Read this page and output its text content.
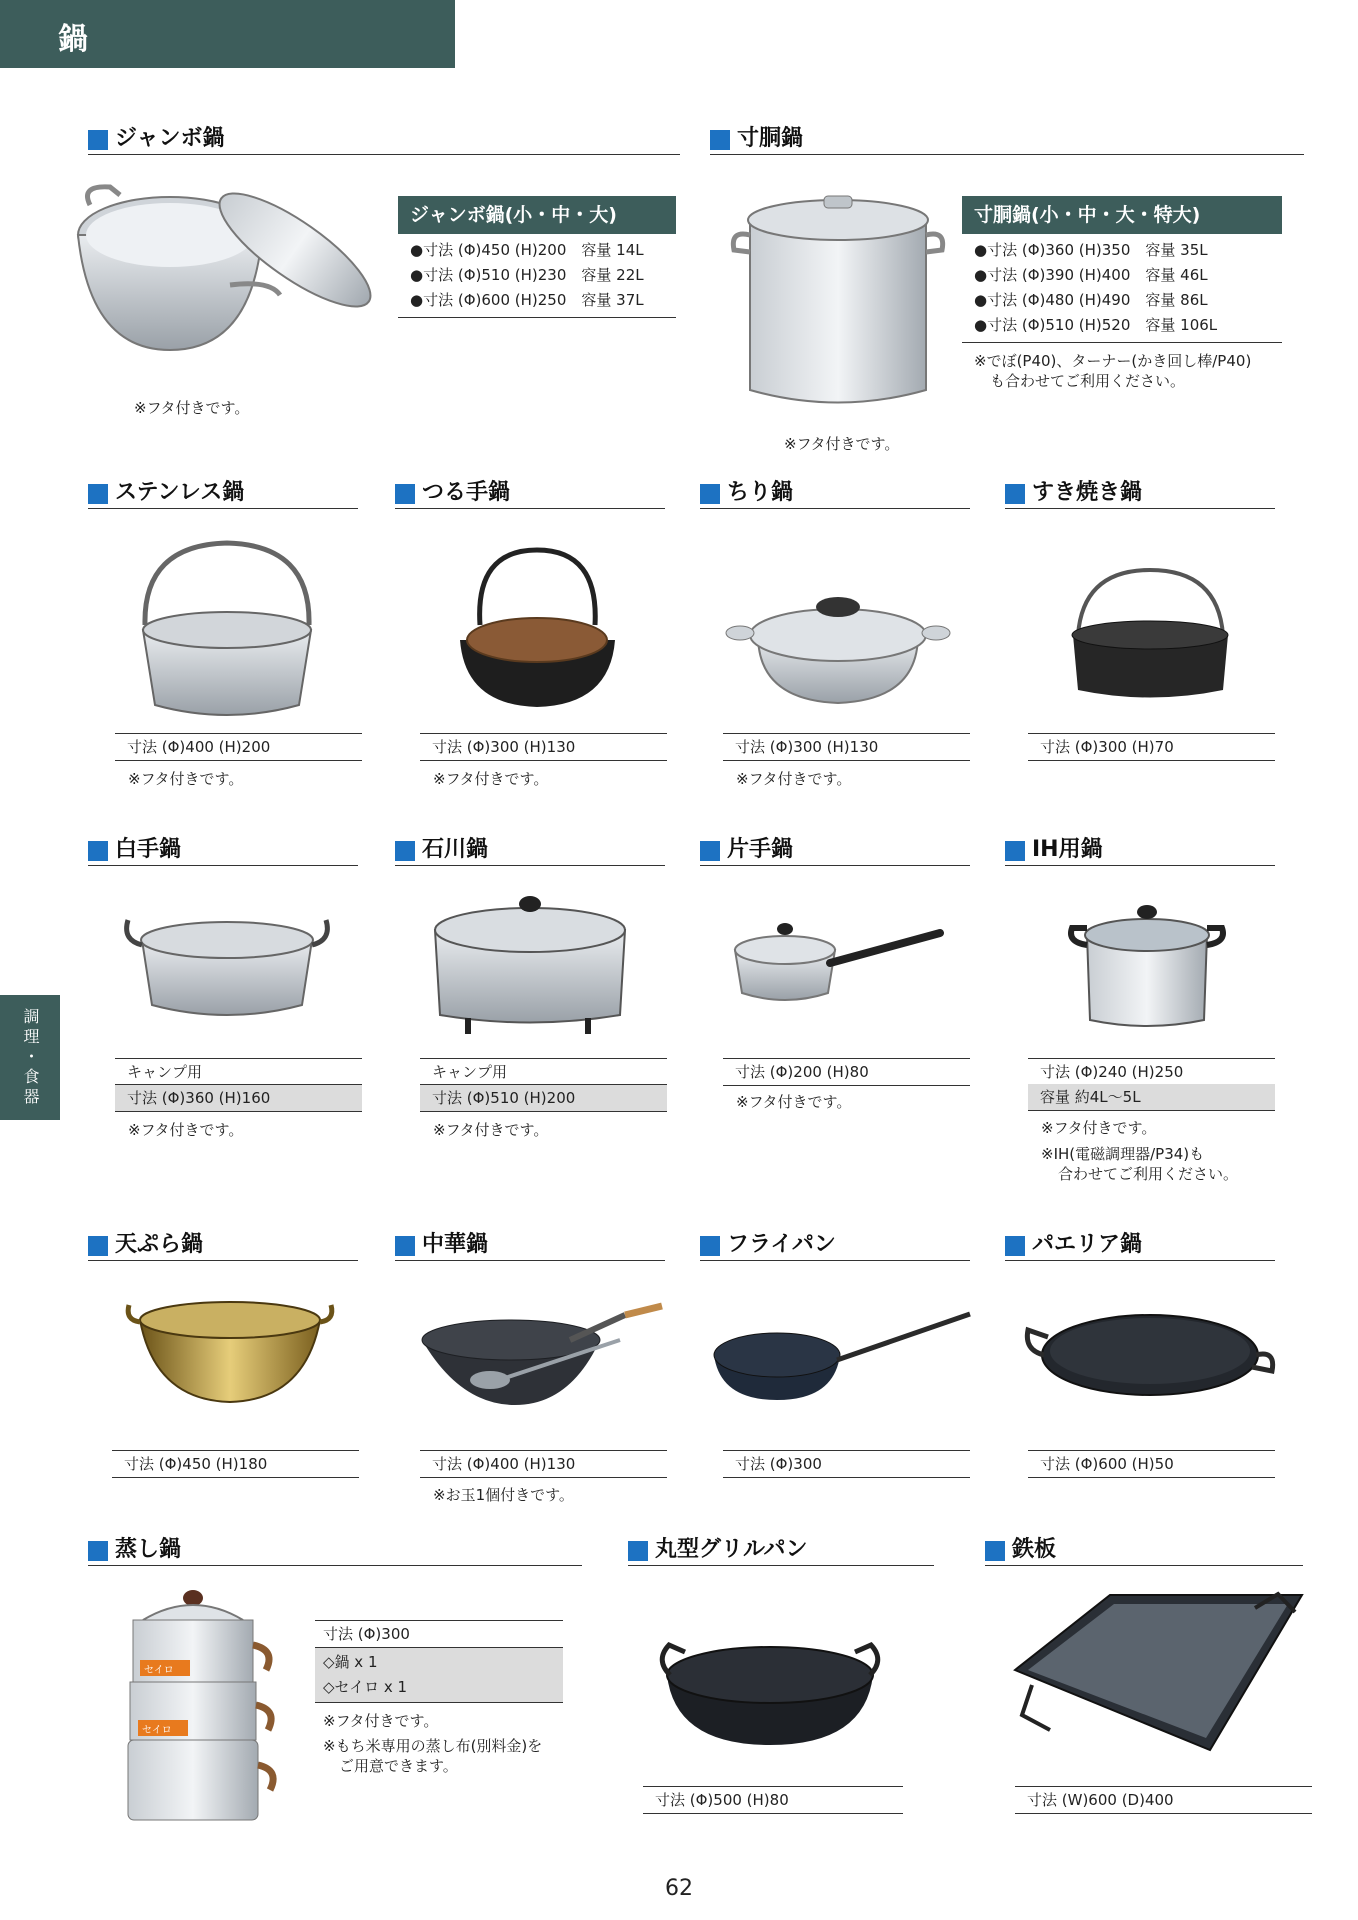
鍋
調理・食器
ジャンボ鍋
※フタ付きです。
ジャンボ鍋(小・中・大)
●寸法 (Φ)450 (H)200　容量 14L
●寸法 (Φ)510 (H)230　容量 22L
●寸法 (Φ)600 (H)250　容量 37L
寸胴鍋
※フタ付きです。
寸胴鍋(小・中・大・特大)
●寸法 (Φ)360 (H)350　容量 35L
●寸法 (Φ)390 (H)400　容量 46L
●寸法 (Φ)480 (H)490　容量 86L
●寸法 (Φ)510 (H)520　容量 106L
※でぼ(P40)、ターナー(かき回し棒/P40)
も合わせてご利用ください。
ステンレス鍋
寸法 (Φ)400 (H)200
※フタ付きです。
つる手鍋
寸法 (Φ)300 (H)130
※フタ付きです。
ちり鍋
寸法 (Φ)300 (H)130
※フタ付きです。
すき焼き鍋
寸法 (Φ)300 (H)70
白手鍋
キャンプ用
寸法 (Φ)360 (H)160
※フタ付きです。
石川鍋
キャンプ用
寸法 (Φ)510 (H)200
※フタ付きです。
片手鍋
寸法 (Φ)200 (H)80
※フタ付きです。
IH用鍋
寸法 (Φ)240 (H)250
容量 約4L〜5L
※フタ付きです。
※IH(電磁調理器/P34)も
合わせてご利用ください。
天ぷら鍋
寸法 (Φ)450 (H)180
中華鍋
寸法 (Φ)400 (H)130
※お玉1個付きです。
フライパン
寸法 (Φ)300
パエリア鍋
寸法 (Φ)600 (H)50
蒸し鍋
セイロ
セイロ
寸法 (Φ)300
◇鍋 x 1
◇セイロ x 1
※フタ付きです。
※もち米専用の蒸し布(別料金)を
ご用意できます。
丸型グリルパン
寸法 (Φ)500 (H)80
鉄板
寸法 (W)600 (D)400
62
